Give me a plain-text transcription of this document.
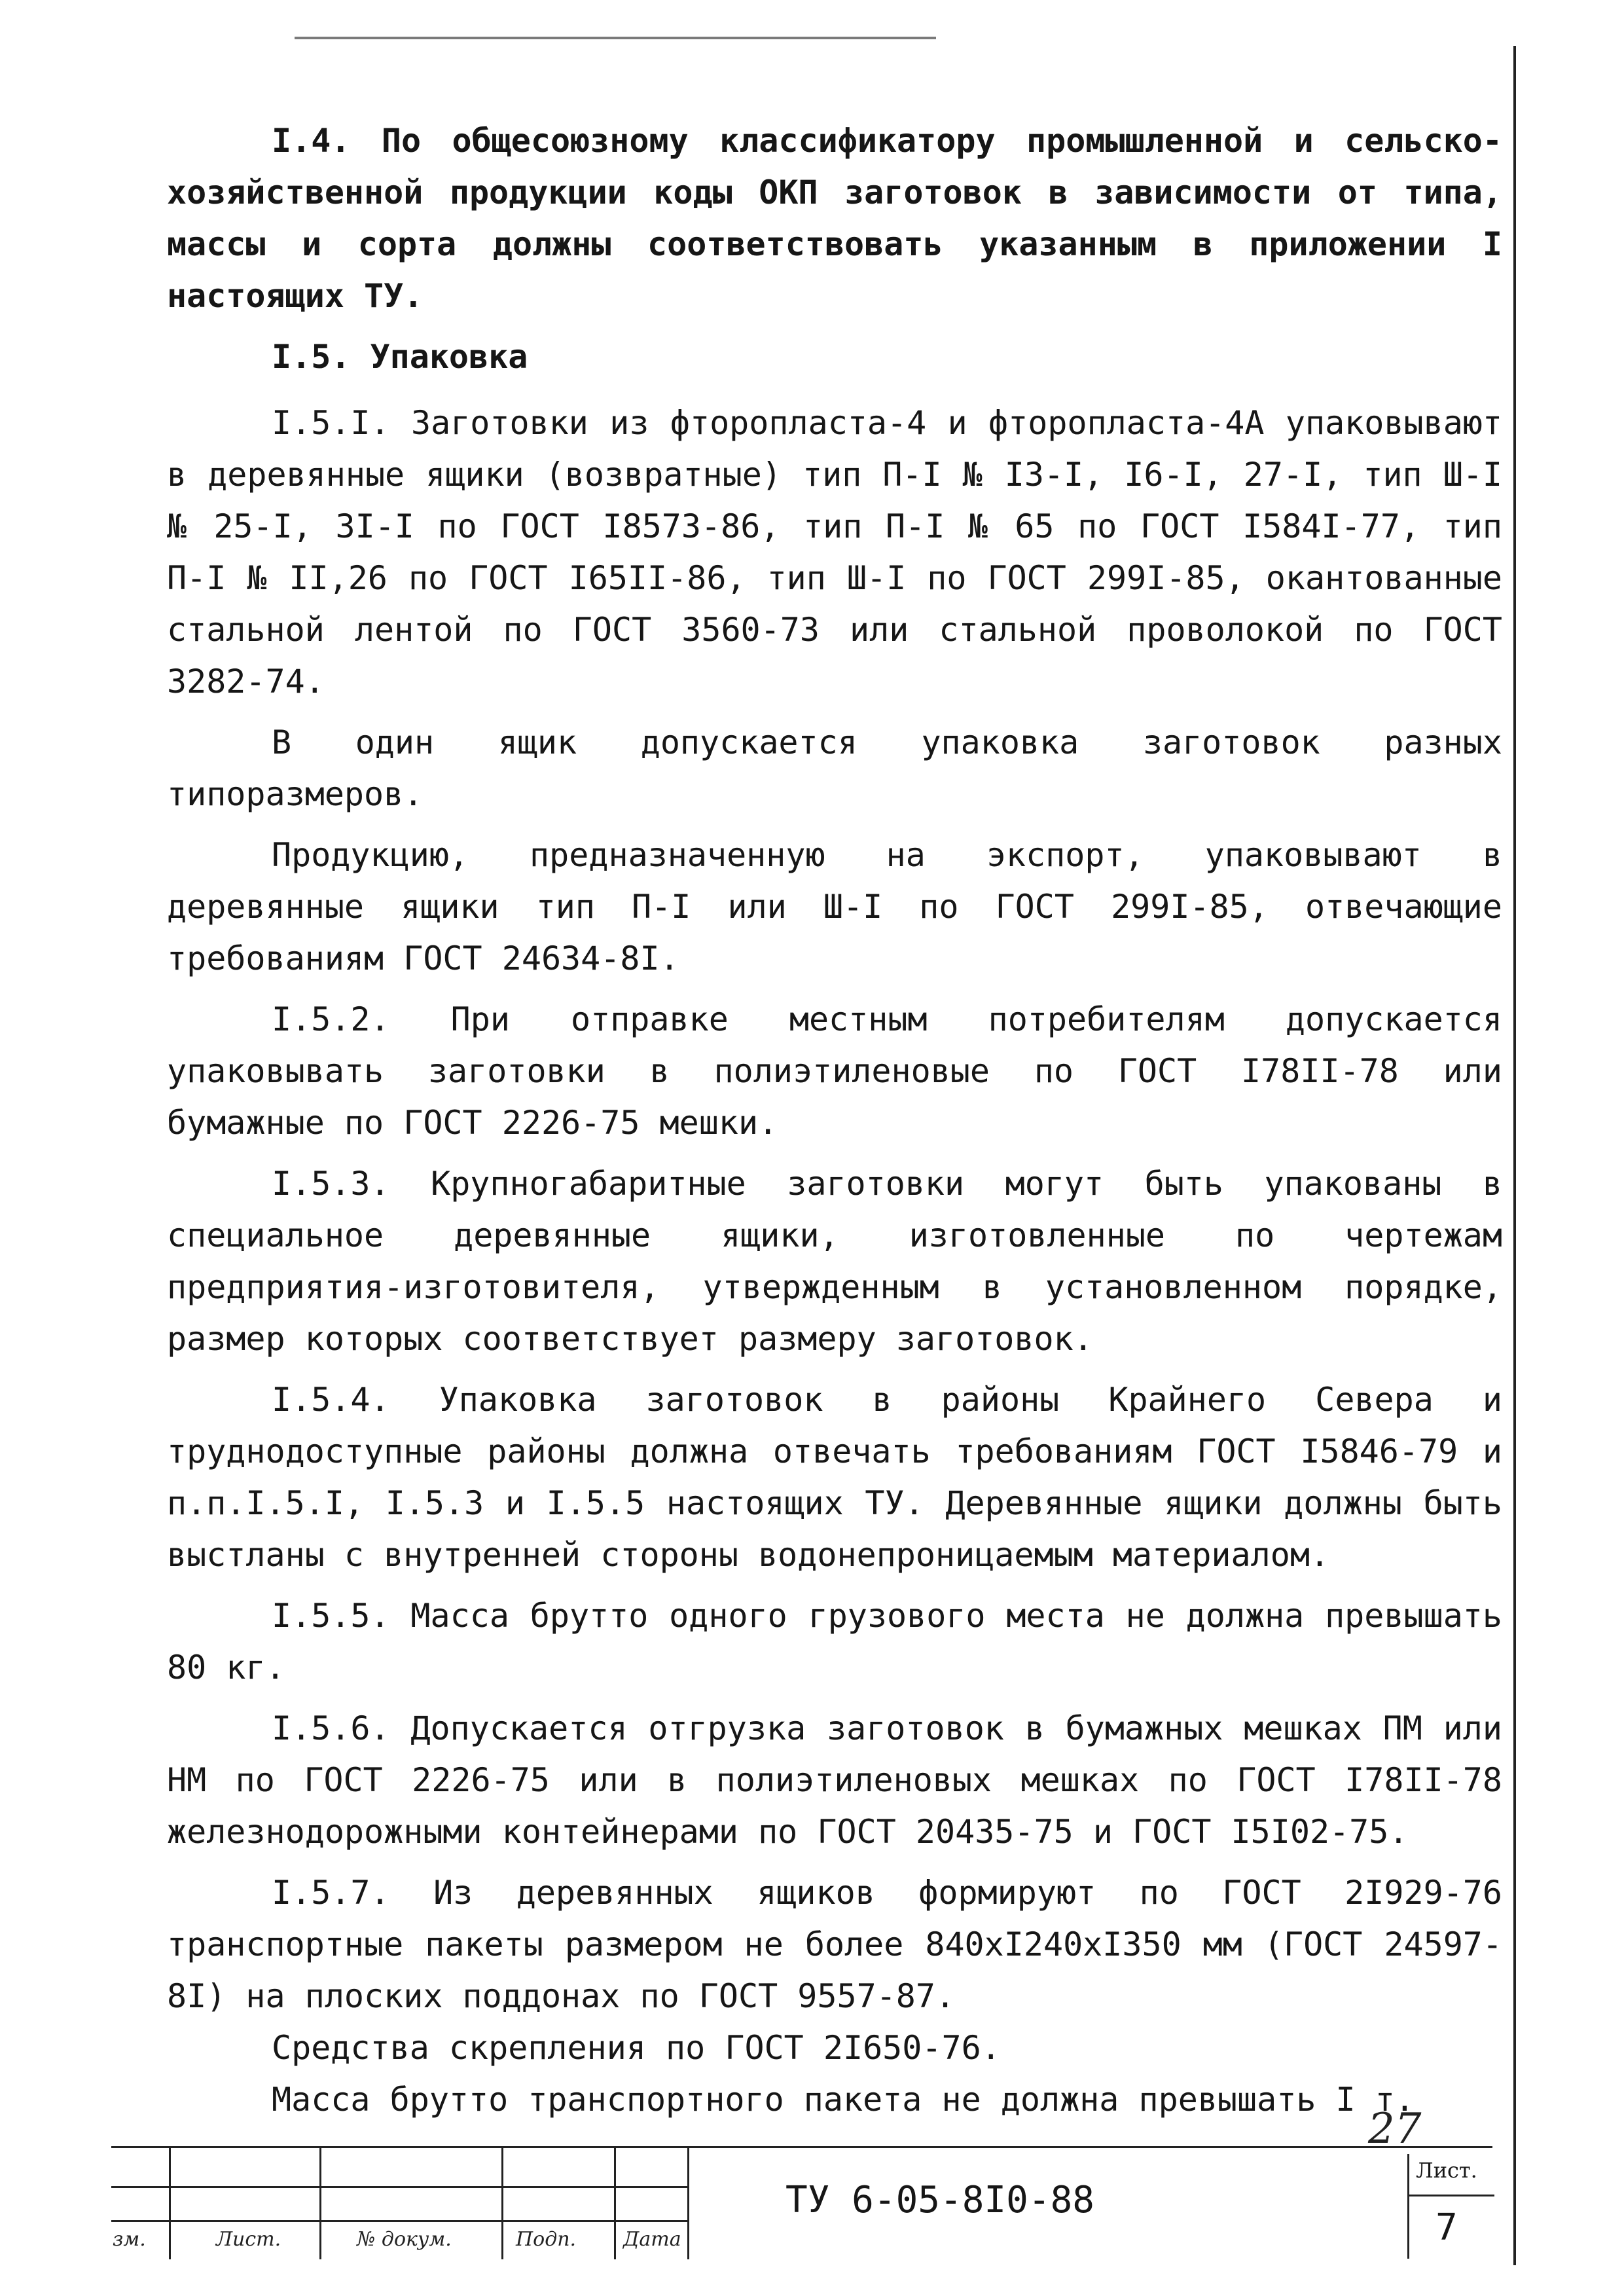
I.4. По общесоюзному классификатору промышленной и сельско-хозяйственной продукции коды ОКП заготовок в зависимости от типа, массы и сорта должны соответствовать указанным в приложении I настоящих ТУ.

I.5. Упаковка

I.5.I. Заготовки из фторопласта-4 и фторопласта-4А упаковывают в деревянные ящики (возвратные) тип П-I № I3-I, I6-I, 27-I, тип Ш-I № 25-I, 3I-I по ГОСТ I8573-86, тип П-I № 65 по ГОСТ I584I-77, тип П-I № II,26 по ГОСТ I65II-86, тип Ш-I по ГОСТ 299I-85, окантованные стальной лентой по ГОСТ 3560-73 или стальной проволокой по ГОСТ 3282-74.

В один ящик допускается упаковка заготовок разных типоразмеров.

Продукцию, предназначенную на экспорт, упаковывают в деревянные ящики тип П-I или Ш-I по ГОСТ 299I-85, отвечающие требованиям ГОСТ 24634-8I.

I.5.2. При отправке местным потребителям допускается упаковывать заготовки в полиэтиленовые по ГОСТ I78II-78 или бумажные по ГОСТ 2226-75 мешки.

I.5.3. Крупногабаритные заготовки могут быть упакованы в специальное деревянные ящики, изготовленные по чертежам предприятия-изготовителя, утвержденным в установленном порядке, размер которых соответствует размеру заготовок.

I.5.4. Упаковка заготовок в районы Крайнего Севера и труднодоступные районы должна отвечать требованиям ГОСТ I5846-79 и п.п.I.5.I, I.5.3 и I.5.5 настоящих ТУ. Деревянные ящики должны быть выстланы с внутренней стороны водонепроницаемым материалом.

I.5.5. Масса брутто одного грузового места не должна превышать 80 кг.

I.5.6. Допускается отгрузка заготовок в бумажных мешках ПМ или НМ по ГОСТ 2226-75 или в полиэтиленовых мешках по ГОСТ I78II-78 железнодорожными контейнерами по ГОСТ 20435-75 и ГОСТ I5I02-75.

I.5.7. Из деревянных ящиков формируют по ГОСТ 2I929-76 транспортные пакеты размером не более 840xI240xI350 мм (ГОСТ 24597-8I) на плоских поддонах по ГОСТ 9557-87.

Средства скрепления по ГОСТ 2I650-76.

Масса брутто транспортного пакета не должна превышать I т.

27
зм.	Лист.	№ докум.	Подп. Дата
ТУ 6-05-8I0-88
Лист.
7
